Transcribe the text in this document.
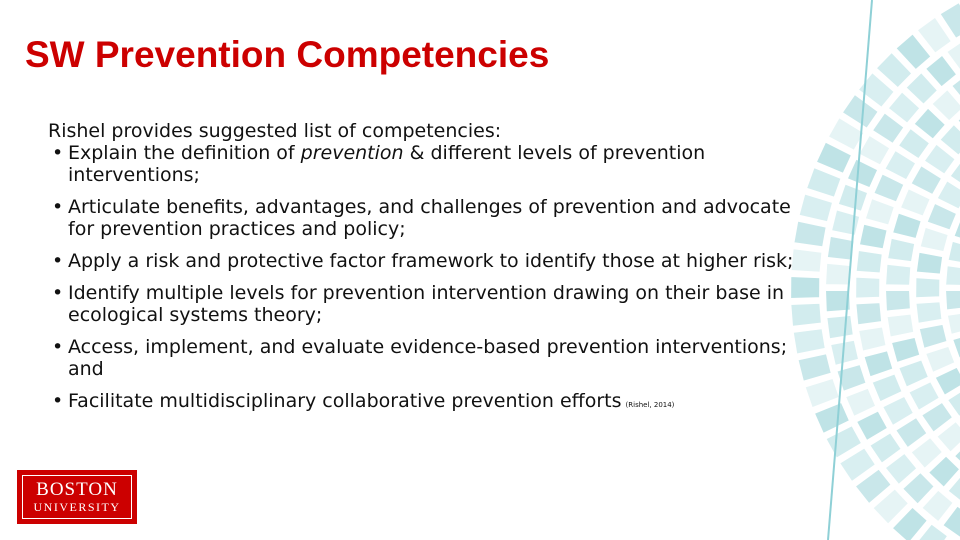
SW Prevention Competencies

Rishel provides suggested list of competencies:

• Explain the definition of prevention & different levels of prevention interventions;
• Articulate benefits, advantages, and challenges of prevention and advocate for prevention practices and policy;
• Apply a risk and protective factor framework to identify those at higher risk;
• Identify multiple levels for prevention intervention drawing on their base in ecological systems theory;
• Access, implement, and evaluate evidence-based prevention interventions; and
• Facilitate multidisciplinary collaborative prevention efforts (Rishel, 2014)
BOSTON
UNIVERSITY
